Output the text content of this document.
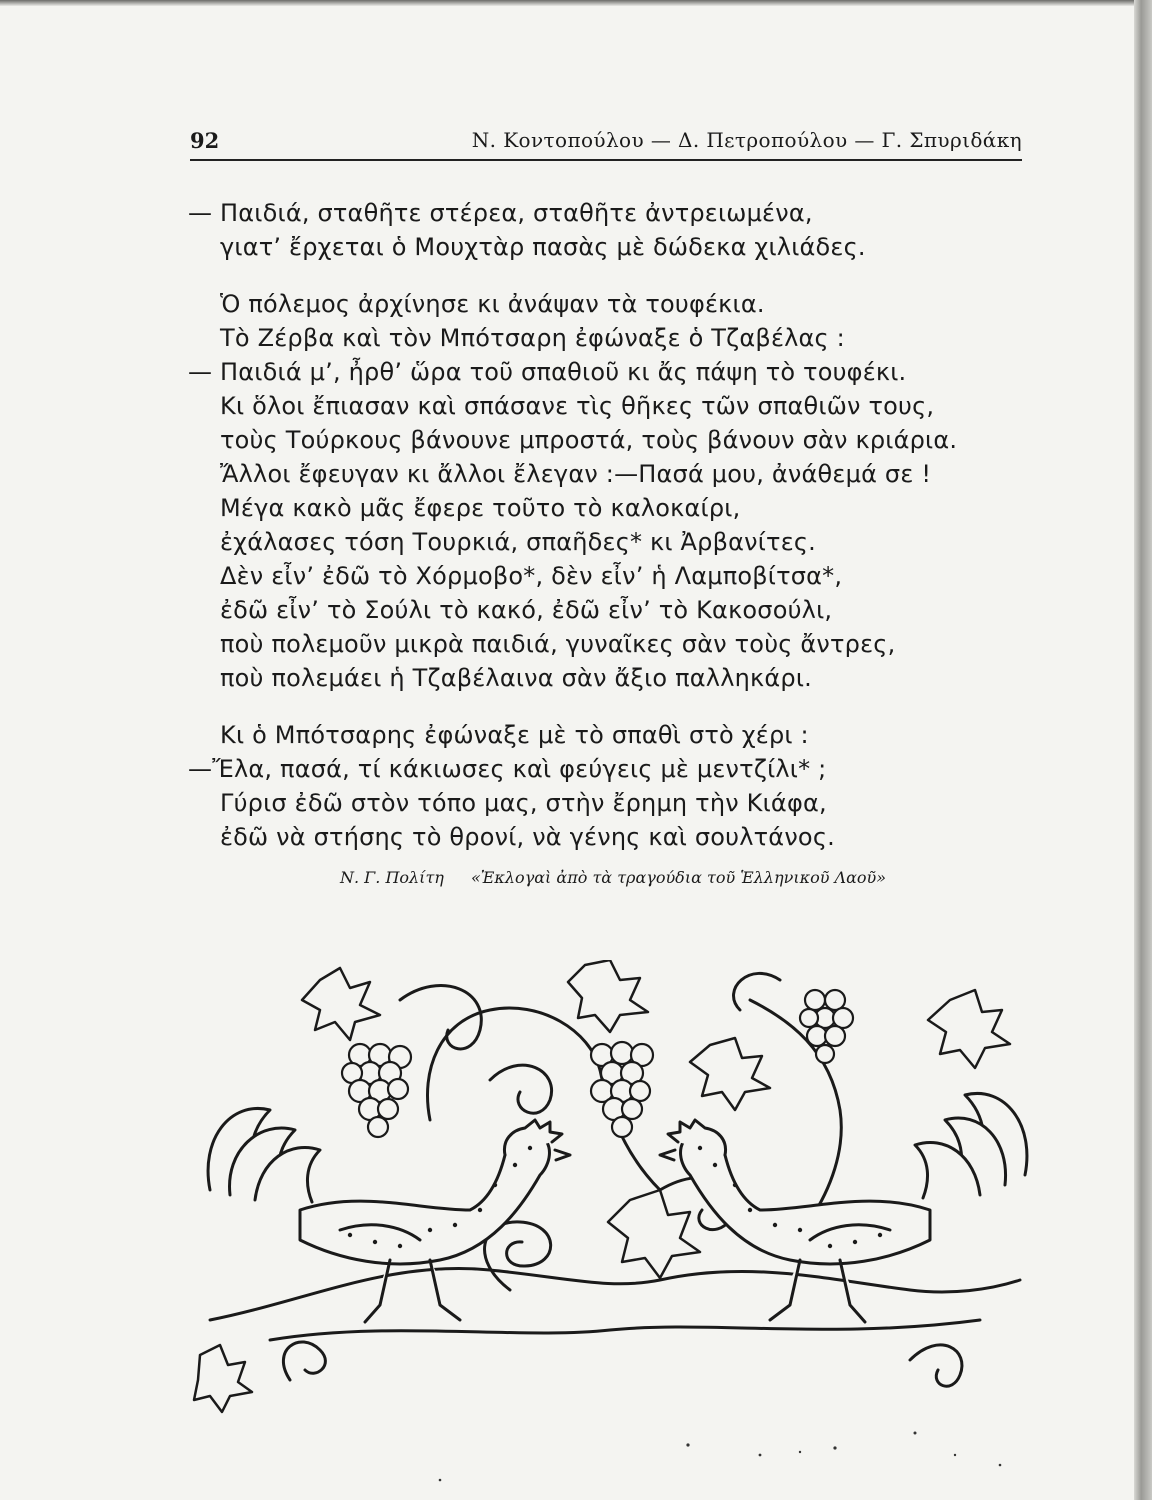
92	Ν. Κοντοπούλου — Δ. Πετροπούλου — Γ. Σπυριδάκη
— Παιδιά, σταθῆτε στέρεα, σταθῆτε ἀντρειωμένα,
γιατ’ ἔρχεται ὁ Μουχτὰρ πασὰς μὲ δώδεκα χιλιάδες.
Ὁ πόλεμος ἀρχίνησε κι ἀνάψαν τὰ τουφέκια.
Τὸ Ζέρβα καὶ τὸν Μπότσαρη ἐφώναξε ὁ Τζαβέλας :
— Παιδιά μ’, ἦρθ’ ὥρα τοῦ σπαθιοῦ κι ἄς πάψη τὸ τουφέκι.
Κι ὅλοι ἔπιασαν καὶ σπάσανε τὶς θῆκες τῶν σπαθιῶν τους,
τοὺς Τούρκους βάνουνε μπροστά, τοὺς βάνουν σὰν κριάρια.
Ἄλλοι ἔφευγαν κι ἄλλοι ἔλεγαν :—Πασά μου, ἀνάθεμά σε !
Μέγα κακὸ μᾶς ἔφερε τοῦτο τὸ καλοκαίρι,
ἐχάλασες τόση Τουρκιά, σπαῆδες* κι Ἀρβανίτες.
Δὲν εἶν’ ἐδῶ τὸ Χόρμοβο*, δὲν εἶν’ ἡ Λαμποβίτσα*,
ἐδῶ εἶν’ τὸ Σούλι τὸ κακό, ἐδῶ εἶν’ τὸ Κακοσούλι,
ποὺ πολεμοῦν μικρὰ παιδιά, γυναῖκες σὰν τοὺς ἄντρες,
ποὺ πολεμάει ἡ Τζαβέλαινα σὰν ἄξιο παλληκάρι.
Κι ὁ Μπότσαρης ἐφώναξε μὲ τὸ σπαθὶ στὸ χέρι :
—Ἔλα, πασά, τί κάκιωσες καὶ φεύγεις μὲ μεντζίλι* ;
Γύρισ ἐδῶ στὸν τόπο μας, στὴν ἔρημη τὴν Κιάφα,
ἐδῶ νὰ στήσης τὸ θρονί, νὰ γένης καὶ σουλτάνος.
Ν. Γ. Πολίτη «Ἐκλογαὶ ἀπὸ τὰ τραγούδια τοῦ Ἑλληνικοῦ Λαοῦ»
